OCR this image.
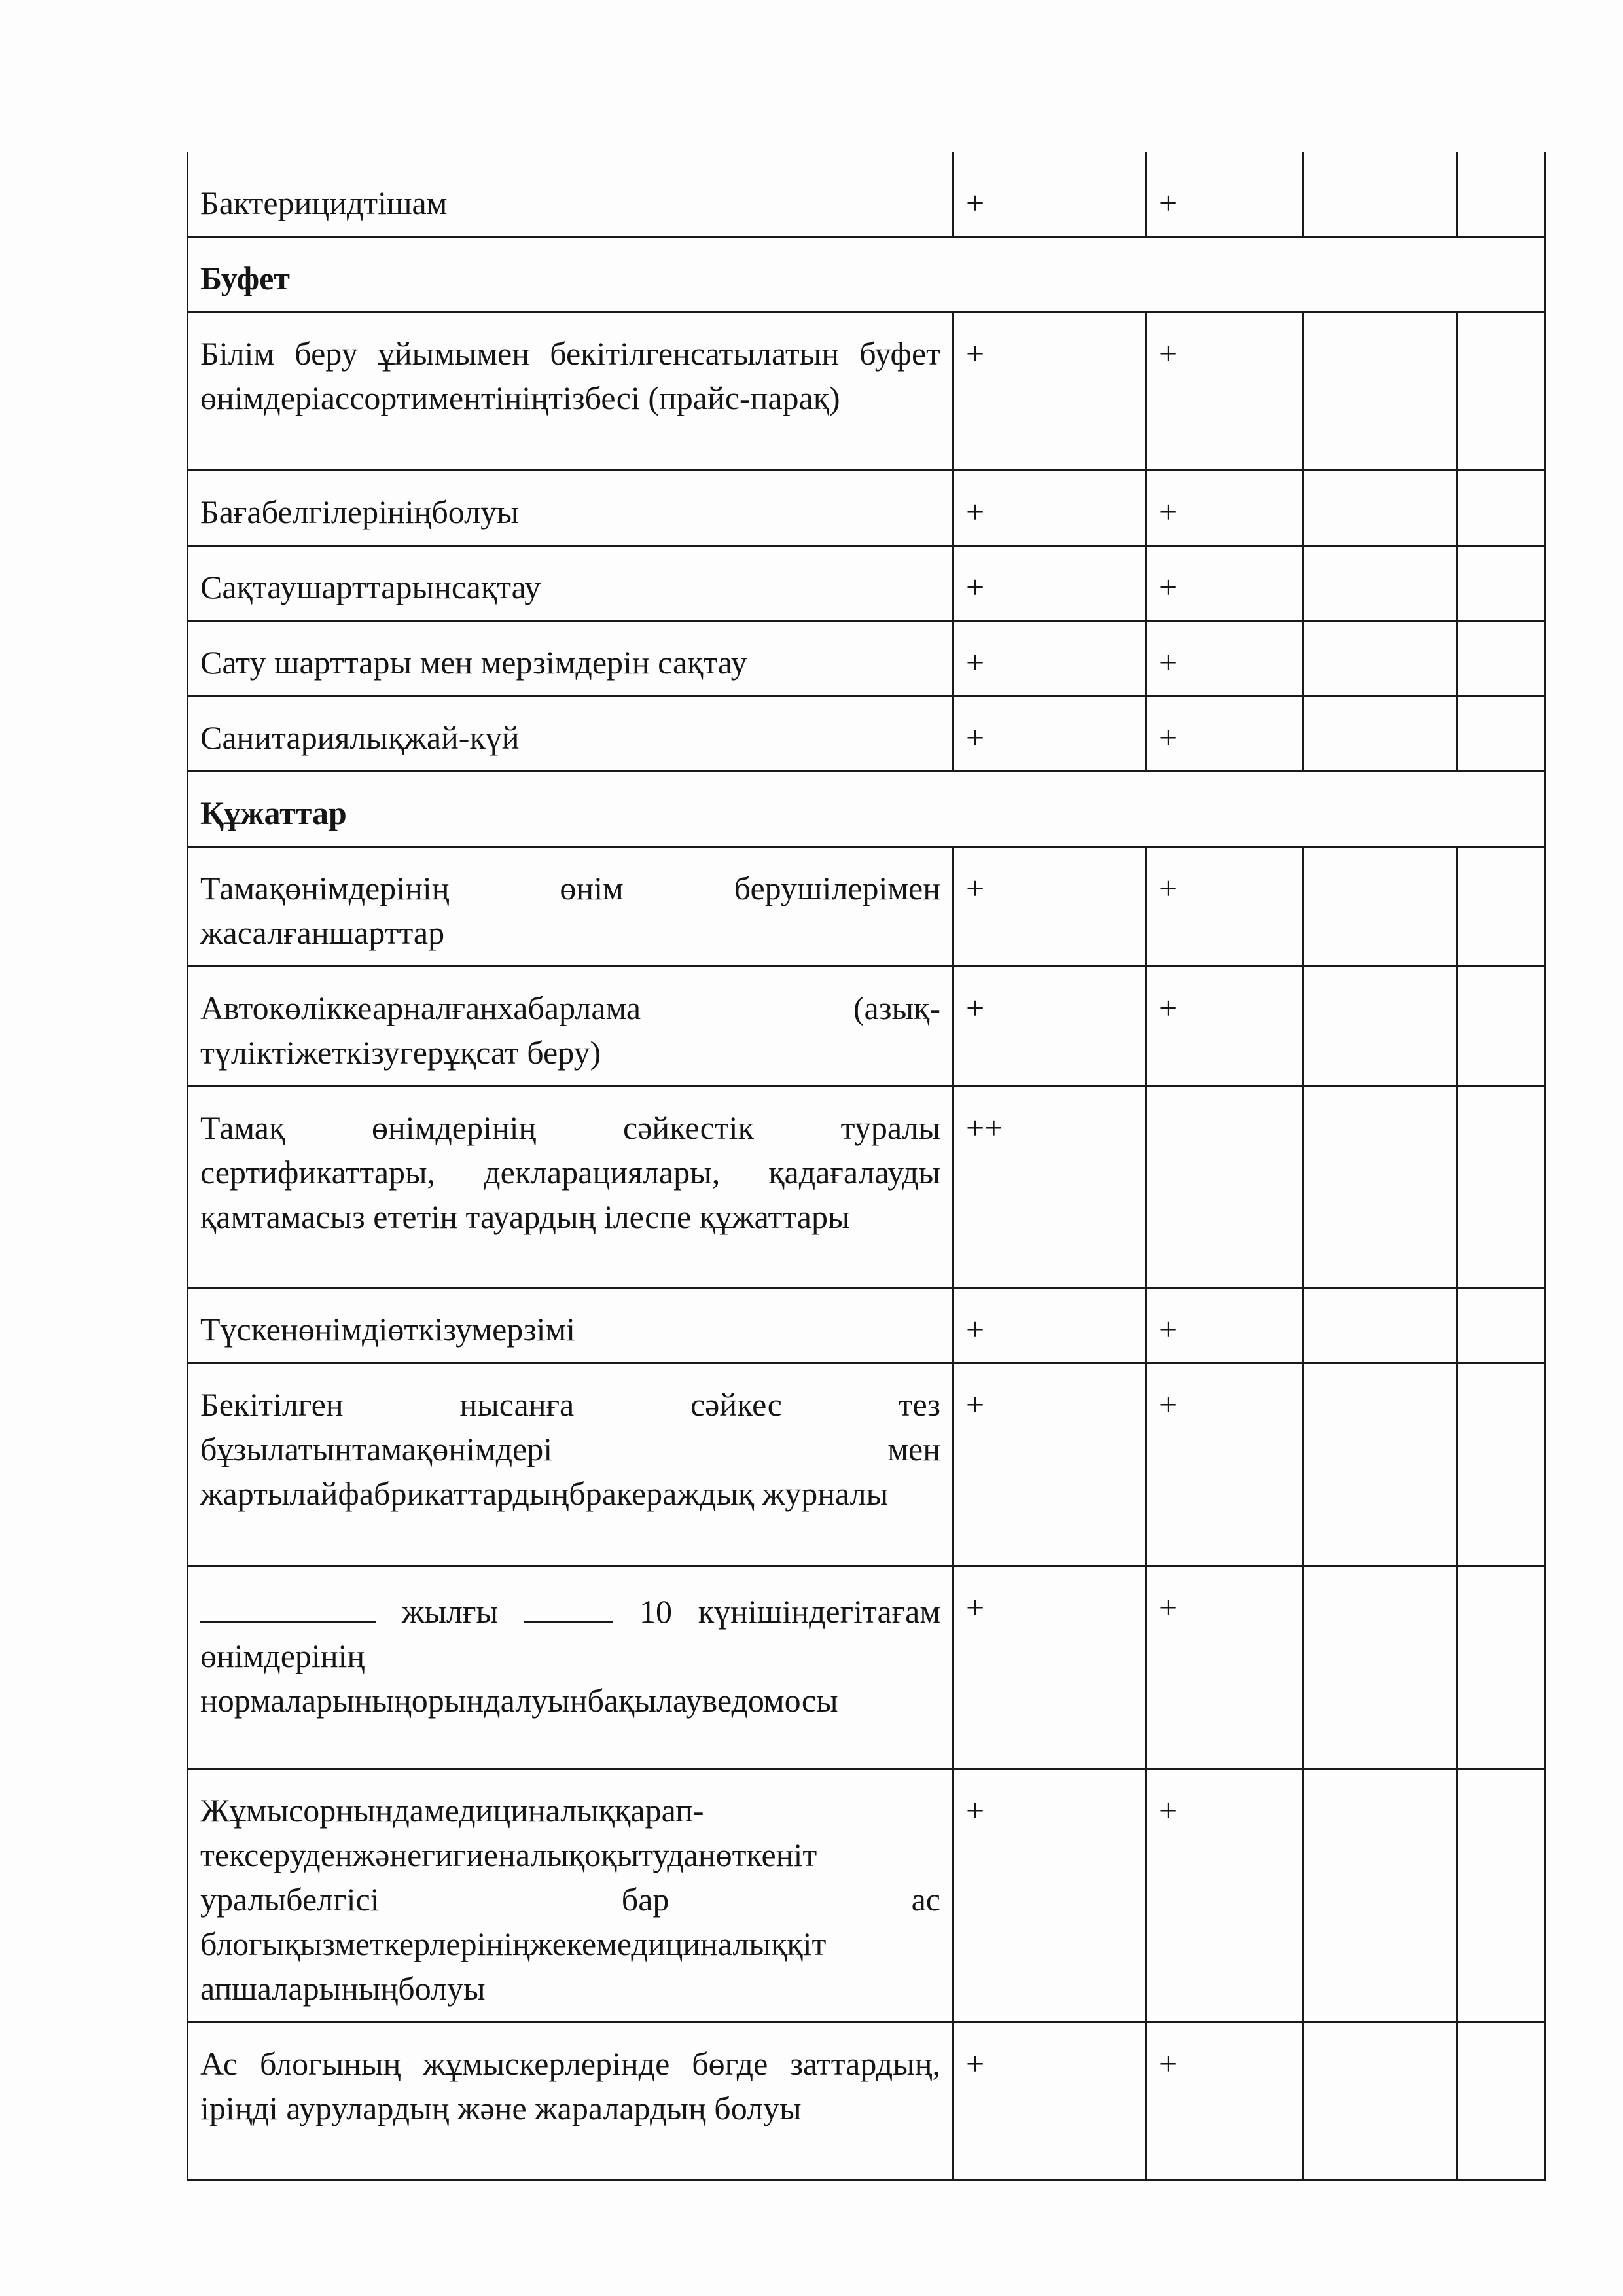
Бактерицидтішам	+	+		
Буфет				
Білім беру ұйымымен бекітілгенсатылатын буфет өнімдеріассортиментініңтізбесі (прайс-парақ)	+	+		
Бағабелгілерініңболуы	+	+		
Сақтаушарттарынсақтау	+	+		
Сату шарттары мен мерзімдерін сақтау	+	+		
Санитариялықжай-күй	+	+		
Құжаттар				
Тамақөнімдерінің өнім берушілерімен жасалғаншарттар	+	+		
Автокөліккеарналғанхабарлама (азық-түліктіжеткізугерұқсат беру)	+	+		
Тамақ өнімдерінің сәйкестік туралы сертификаттары, декларациялары, қадағалауды қамтамасыз ететін тауардың ілеспе құжаттары	++			
Түскенөнімдіөткізумерзімі	+	+		
Бекітілген нысанға сәйкес тез бұзылатынтамақөнімдері мен жартылайфабрикаттардыңбракераждық журналы	+	+		
жылғы 10 күнішіндегітағам өнімдерінің нормаларыныңорындалуынбақылауведомосы	+	+		
Жұмысорнындамедициналыққарап-тексеруденжәнегигиеналықоқытуданөткеніт уралыбелгісі бар ас блогықызметкерлерініңжекемедициналыққіт апшаларыныңболуы	+	+		
Ас блогының жұмыскерлерінде бөгде заттардың, іріңді аурулардың және жаралардың болуы	+	+		
